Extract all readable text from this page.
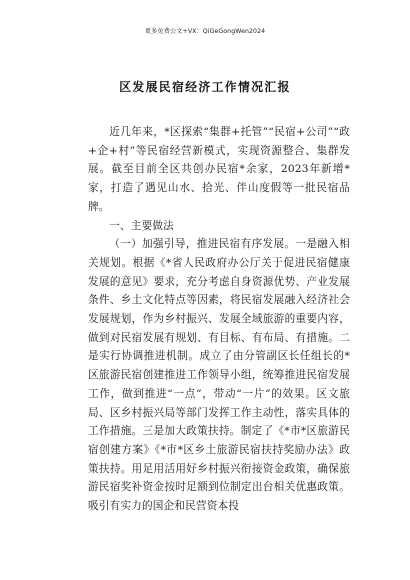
更多免费公文+VX：QiGeGongWen2024
区发展民宿经济工作情况汇报

近几年来，*区探索“集群+托管”“民宿+公司”“政+企+村”等民宿经营新模式，实现资源整合、集群发展。截至目前全区共创办民宿*余家，2023年新增*家，打造了遇见山水、拾光、伴山度假等一批民宿品牌。

一、主要做法

（一）加强引导，推进民宿有序发展。一是融入相关规划。根据《*省人民政府办公厅关于促进民宿健康发展的意见》要求，充分考虑自身资源优势、产业发展条件、乡土文化特点等因素，将民宿发展融入经济社会发展规划，作为乡村振兴、发展全域旅游的重要内容，做到对民宿发展有规划、有目标、有布局、有措施。二是实行协调推进机制。成立了由分管副区长任组长的*区旅游民宿创建推进工作领导小组，统筹推进民宿发展工作，做到推进“一点”，带动“一片”的效果。区文旅局、区乡村振兴局等部门发挥工作主动性，落实具体的工作措施。三是加大政策扶持。制定了《*市*区旅游民宿创建方案》《*市*区乡土旅游民宿扶持奖励办法》政策扶持。用足用活用好乡村振兴衔接资金政策，确保旅游民宿奖补资金按时足额到位制定出台相关优惠政策。吸引有实力的国企和民营资本投
